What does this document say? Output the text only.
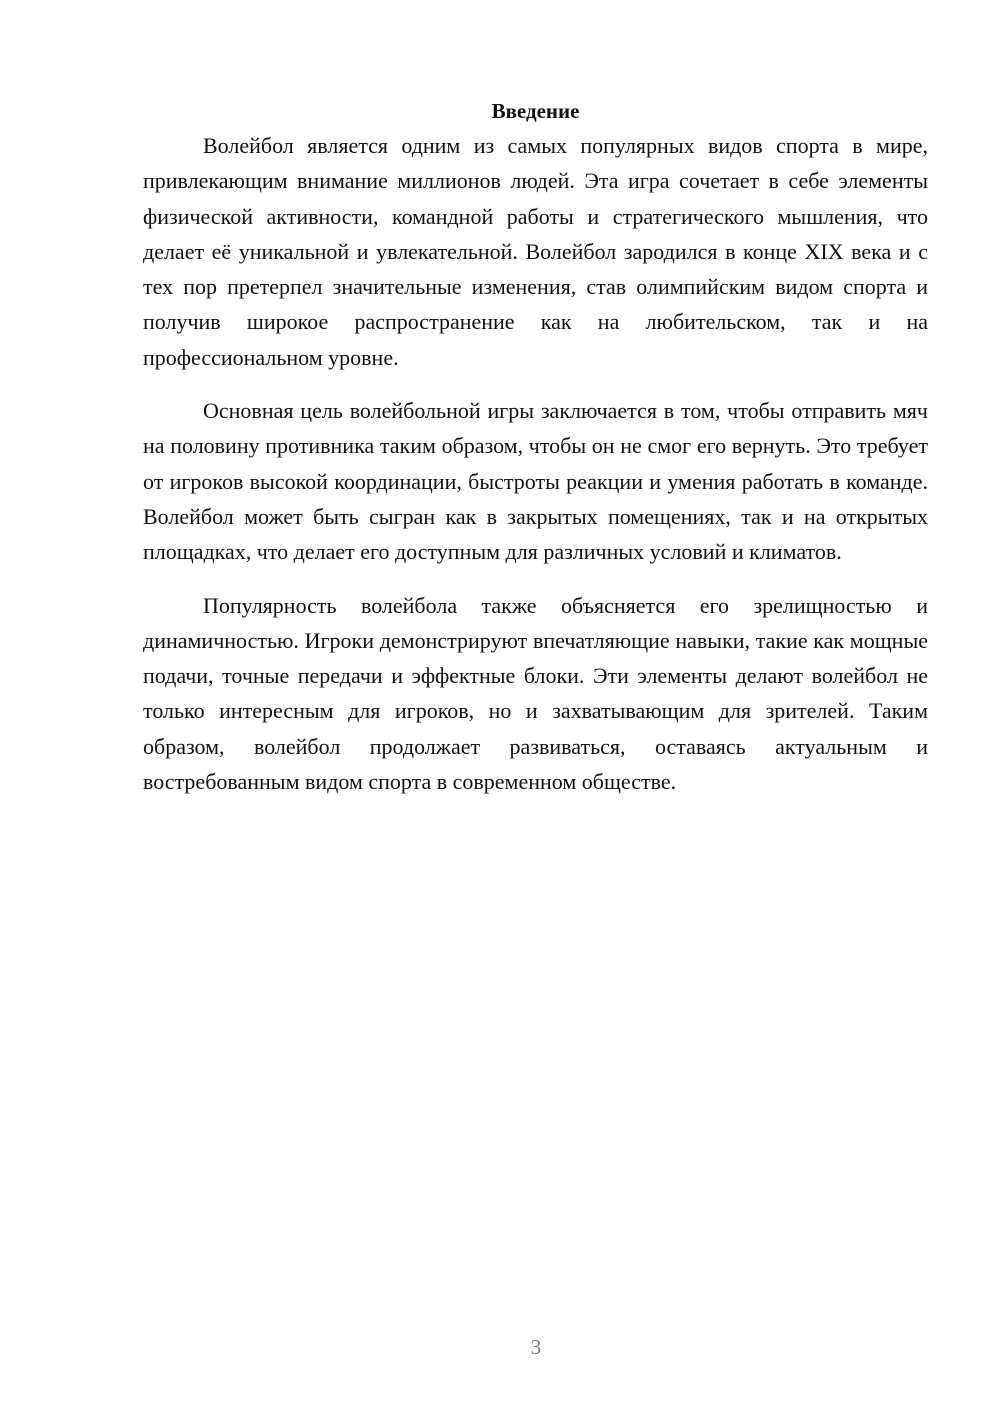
Введение

Волейбол является одним из самых популярных видов спорта в мире, привлекающим внимание миллионов людей. Эта игра сочетает в себе элементы физической активности, командной работы и стратегического мышления, что делает её уникальной и увлекательной. Волейбол зародился в конце XIX века и с тех пор претерпел значительные изменения, став олимпийским видом спорта и получив широкое распространение как на любительском, так и на профессиональном уровне.

Основная цель волейбольной игры заключается в том, чтобы отправить мяч на половину противника таким образом, чтобы он не смог его вернуть. Это требует от игроков высокой координации, быстроты реакции и умения работать в команде. Волейбол может быть сыгран как в закрытых помещениях, так и на открытых площадках, что делает его доступным для различных условий и климатов.

Популярность волейбола также объясняется его зрелищностью и динамичностью. Игроки демонстрируют впечатляющие навыки, такие как мощные подачи, точные передачи и эффектные блоки. Эти элементы делают волейбол не только интересным для игроков, но и захватывающим для зрителей. Таким образом, волейбол продолжает развиваться, оставаясь актуальным и востребованным видом спорта в современном обществе.

3
